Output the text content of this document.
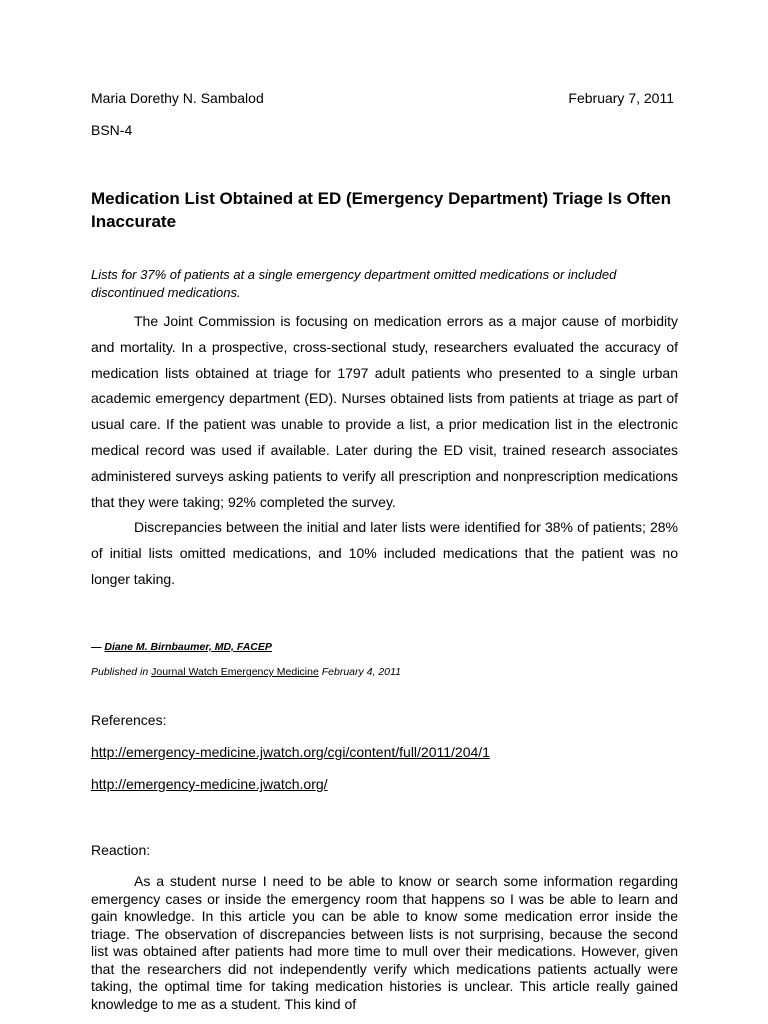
Maria Dorethy N. Sambalod	February 7, 2011
BSN-4
Medication List Obtained at ED (Emergency Department) Triage Is Often Inaccurate
Lists for 37% of patients at a single emergency department omitted medications or included discontinued medications.

The Joint Commission is focusing on medication errors as a major cause of morbidity and mortality. In a prospective, cross-sectional study, researchers evaluated the accuracy of medication lists obtained at triage for 1797 adult patients who presented to a single urban academic emergency department (ED). Nurses obtained lists from patients at triage as part of usual care. If the patient was unable to provide a list, a prior medication list in the electronic medical record was used if available. Later during the ED visit, trained research associates administered surveys asking patients to verify all prescription and nonprescription medications that they were taking; 92% completed the survey.

Discrepancies between the initial and later lists were identified for 38% of patients; 28% of initial lists omitted medications, and 10% included medications that the patient was no longer taking.

— Diane M. Birnbaumer, MD, FACEP
Published in Journal Watch Emergency Medicine February 4, 2011
References:
http://emergency-medicine.jwatch.org/cgi/content/full/2011/204/1
http://emergency-medicine.jwatch.org/
Reaction:

As a student nurse I need to be able to know or search some information regarding emergency cases or inside the emergency room that happens so I was be able to learn and gain knowledge. In this article you can be able to know some medication error inside the triage. The observation of discrepancies between lists is not surprising, because the second list was obtained after patients had more time to mull over their medications. However, given that the researchers did not independently verify which medications patients actually were taking, the optimal time for taking medication histories is unclear. This article really gained knowledge to me as a student. This kind of
